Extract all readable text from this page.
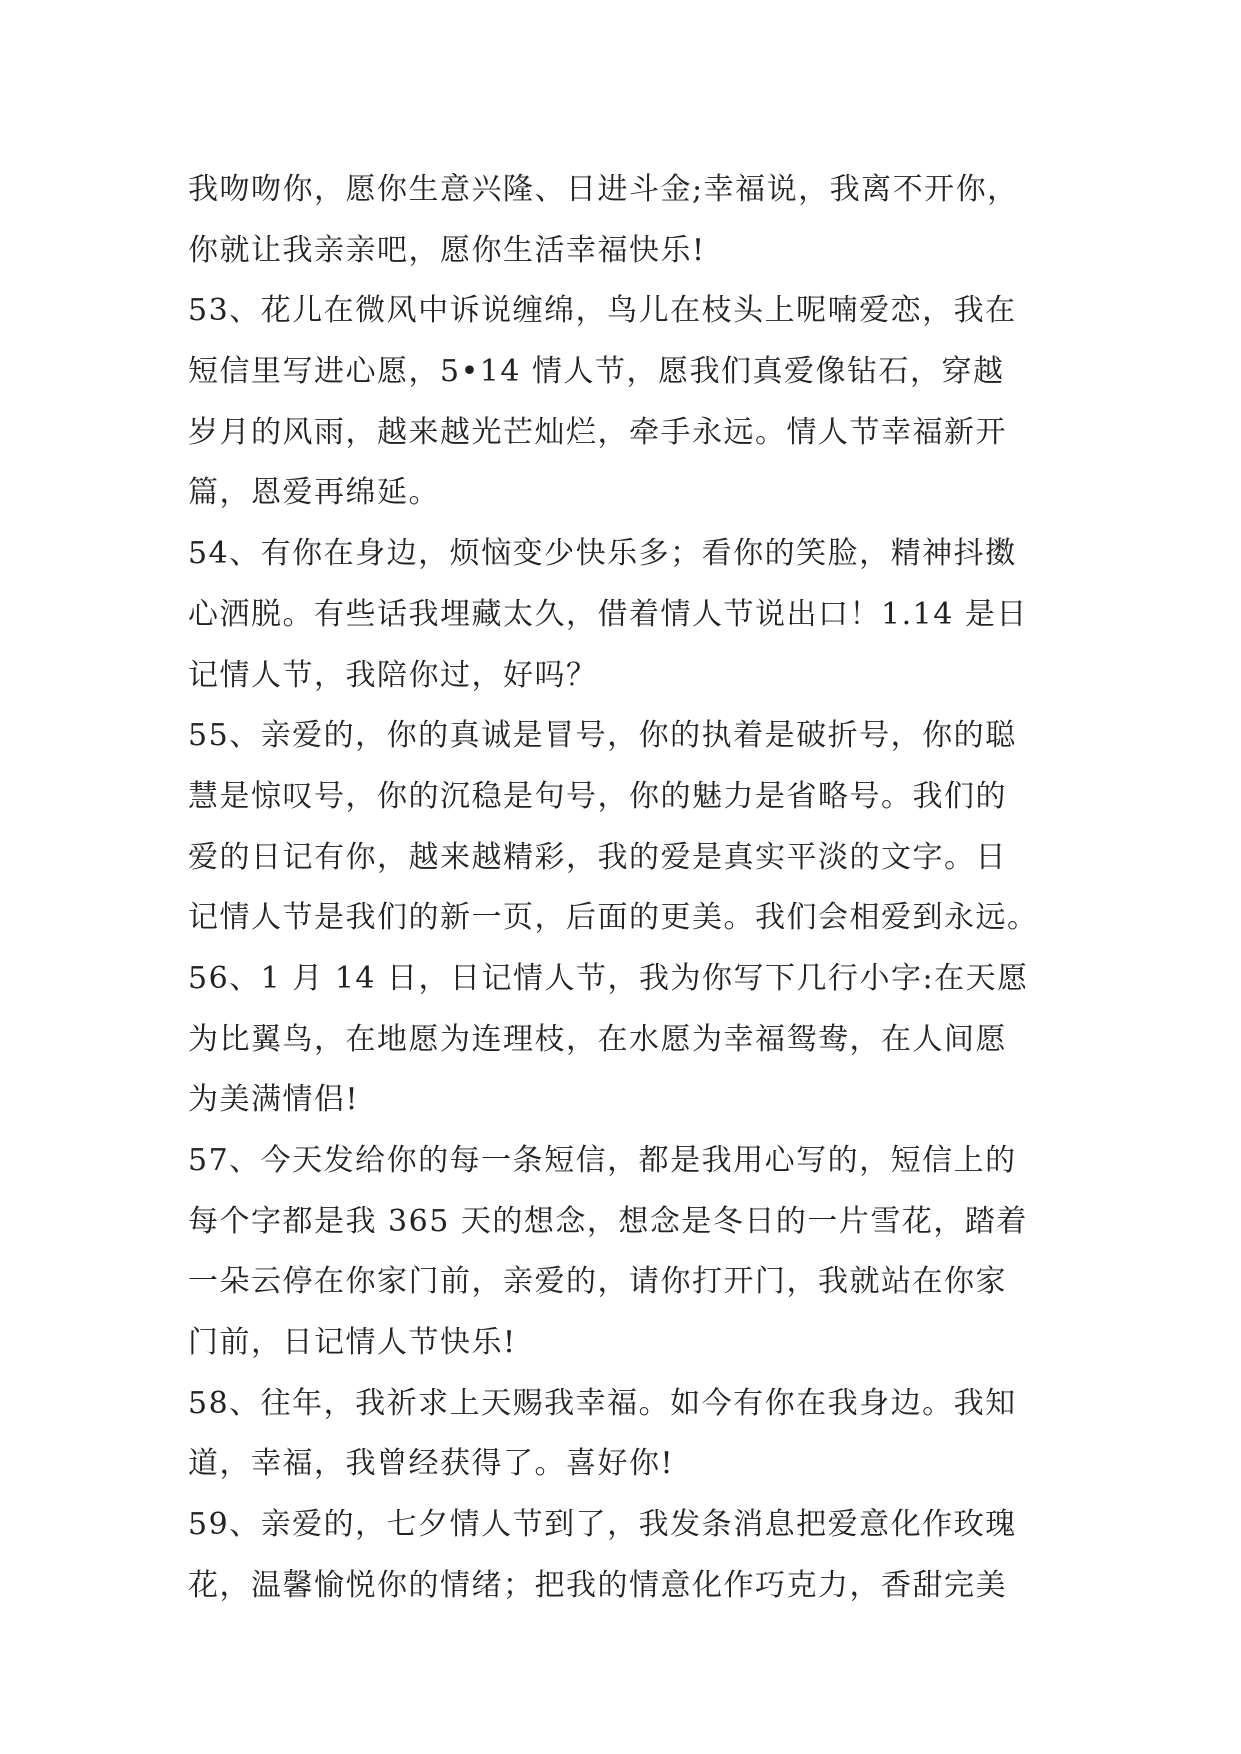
我吻吻你，愿你生意兴隆、日进斗金;幸福说，我离不开你，
你就让我亲亲吧，愿你生活幸福快乐!
53、花儿在微风中诉说缠绵，鸟儿在枝头上呢喃爱恋，我在
短信里写进心愿，5•14 情人节，愿我们真爱像钻石，穿越
岁月的风雨，越来越光芒灿烂，牵手永远。情人节幸福新开
篇，恩爱再绵延。
54、有你在身边，烦恼变少快乐多；看你的笑脸，精神抖擞
心洒脱。有些话我埋藏太久，借着情人节说出口！1.14 是日
记情人节，我陪你过，好吗？
55、亲爱的，你的真诚是冒号，你的执着是破折号，你的聪
慧是惊叹号，你的沉稳是句号，你的魅力是省略号。我们的
爱的日记有你，越来越精彩，我的爱是真实平淡的文字。日
记情人节是我们的新一页，后面的更美。我们会相爱到永远。
56、1 月 14 日，日记情人节，我为你写下几行小字:在天愿
为比翼鸟，在地愿为连理枝，在水愿为幸福鸳鸯，在人间愿
为美满情侣!
57、今天发给你的每一条短信，都是我用心写的，短信上的
每个字都是我 365 天的想念，想念是冬日的一片雪花，踏着
一朵云停在你家门前，亲爱的，请你打开门，我就站在你家
门前，日记情人节快乐!
58、往年，我祈求上天赐我幸福。如今有你在我身边。我知
道，幸福，我曾经获得了。喜好你!
59、亲爱的，七夕情人节到了，我发条消息把爱意化作玫瑰
花，温馨愉悦你的情绪；把我的情意化作巧克力，香甜完美
